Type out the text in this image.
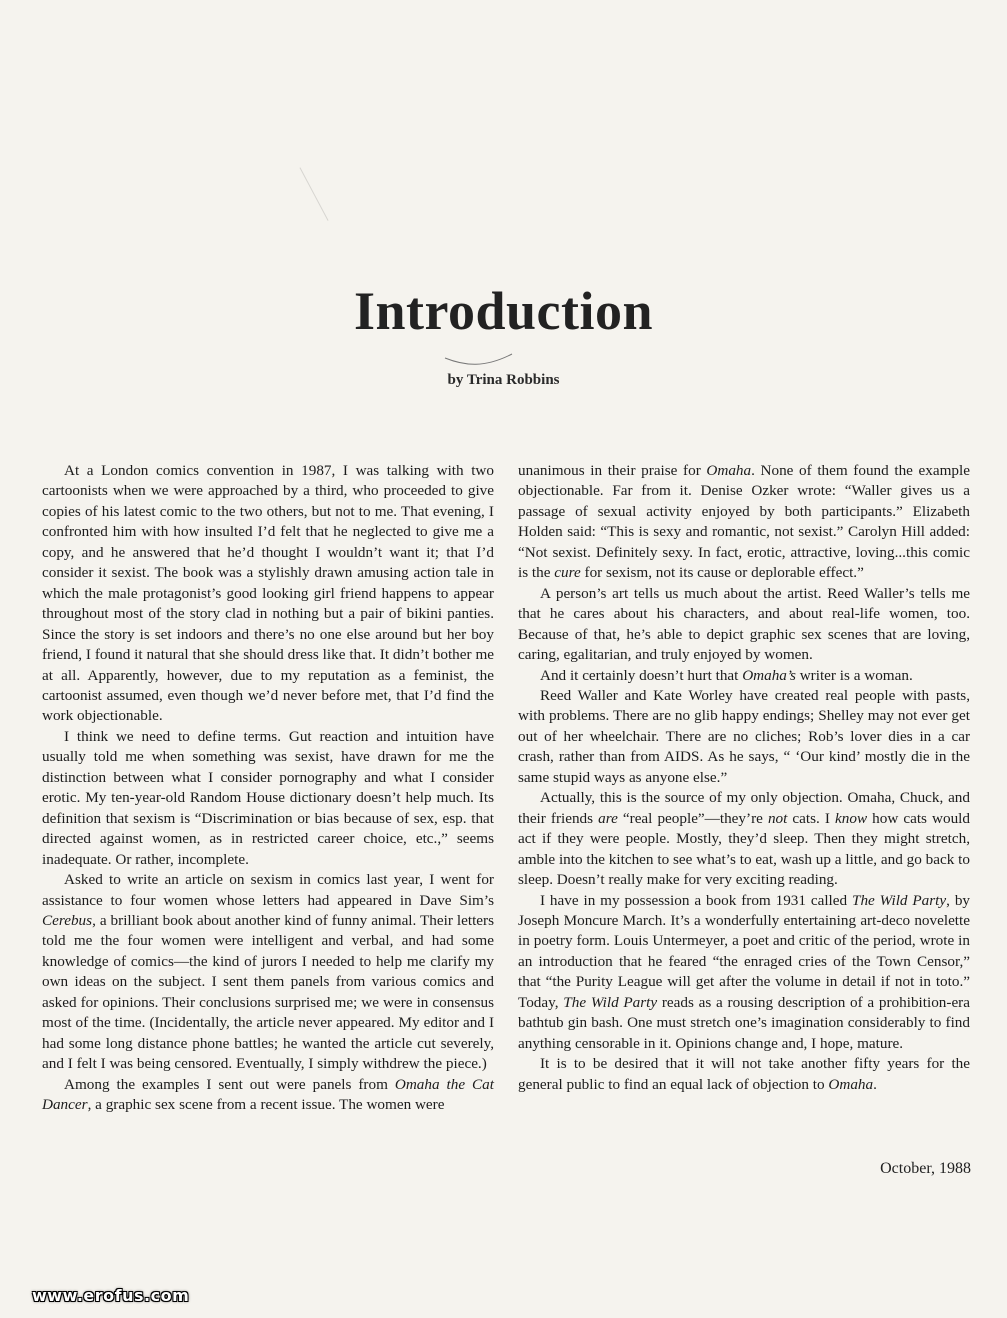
Introduction
by Trina Robbins

At a London comics convention in 1987, I was talking with two cartoonists when we were approached by a third, who proceeded to give copies of his latest comic to the two others, but not to me. That evening, I confronted him with how insulted I’d felt that he neglected to give me a copy, and he answered that he’d thought I wouldn’t want it; that I’d consider it sexist. The book was a stylishly drawn amusing action tale in which the male protagonist’s good looking girl friend happens to appear throughout most of the story clad in nothing but a pair of bikini panties. Since the story is set indoors and there’s no one else around but her boy friend, I found it natural that she should dress like that. It didn’t bother me at all. Apparently, however, due to my reputation as a feminist, the cartoonist assumed, even though we’d never before met, that I’d find the work objectionable.

I think we need to define terms. Gut reaction and intuition have usually told me when something was sexist, have drawn for me the distinction between what I consider pornography and what I consider erotic. My ten-year-old Random House dictionary doesn’t help much. Its definition that sexism is “Discrimination or bias because of sex, esp. that directed against women, as in restricted career choice, etc.,” seems inadequate. Or rather, incomplete.

Asked to write an article on sexism in comics last year, I went for assistance to four women whose letters had appeared in Dave Sim’s Cerebus, a brilliant book about another kind of funny animal. Their letters told me the four women were intelligent and verbal, and had some knowledge of comics—the kind of jurors I needed to help me clarify my own ideas on the subject. I sent them panels from various comics and asked for opinions. Their conclusions surprised me; we were in consensus most of the time. (Incidentally, the article never appeared. My editor and I had some long distance phone battles; he wanted the article cut severely, and I felt I was being censored. Eventually, I simply withdrew the piece.)

Among the examples I sent out were panels from Omaha the Cat Dancer, a graphic sex scene from a recent issue. The women were

unanimous in their praise for Omaha. None of them found the example objectionable. Far from it. Denise Ozker wrote: “Waller gives us a passage of sexual activity enjoyed by both participants.” Elizabeth Holden said: “This is sexy and romantic, not sexist.” Carolyn Hill added: “Not sexist. Definitely sexy. In fact, erotic, attractive, loving...this comic is the cure for sexism, not its cause or deplorable effect.”

A person’s art tells us much about the artist. Reed Waller’s tells me that he cares about his characters, and about real-life women, too. Because of that, he’s able to depict graphic sex scenes that are loving, caring, egalitarian, and truly enjoyed by women.

And it certainly doesn’t hurt that Omaha’s writer is a woman.

Reed Waller and Kate Worley have created real people with pasts, with problems. There are no glib happy endings; Shelley may not ever get out of her wheelchair. There are no cliches; Rob’s lover dies in a car crash, rather than from AIDS. As he says, “ ‘Our kind’ mostly die in the same stupid ways as anyone else.”

Actually, this is the source of my only objection. Omaha, Chuck, and their friends are “real people”—they’re not cats. I know how cats would act if they were people. Mostly, they’d sleep. Then they might stretch, amble into the kitchen to see what’s to eat, wash up a little, and go back to sleep. Doesn’t really make for very exciting reading.

I have in my possession a book from 1931 called The Wild Party, by Joseph Moncure March. It’s a wonderfully entertaining art-deco novelette in poetry form. Louis Untermeyer, a poet and critic of the period, wrote in an introduction that he feared “the enraged cries of the Town Censor,” that “the Purity League will get after the volume in detail if not in toto.” Today, The Wild Party reads as a rousing description of a prohibition-era bathtub gin bash. One must stretch one’s imagination considerably to find anything censorable in it. Opinions change and, I hope, mature.

It is to be desired that it will not take another fifty years for the general public to find an equal lack of objection to Omaha.

October, 1988
www.erofus.com
